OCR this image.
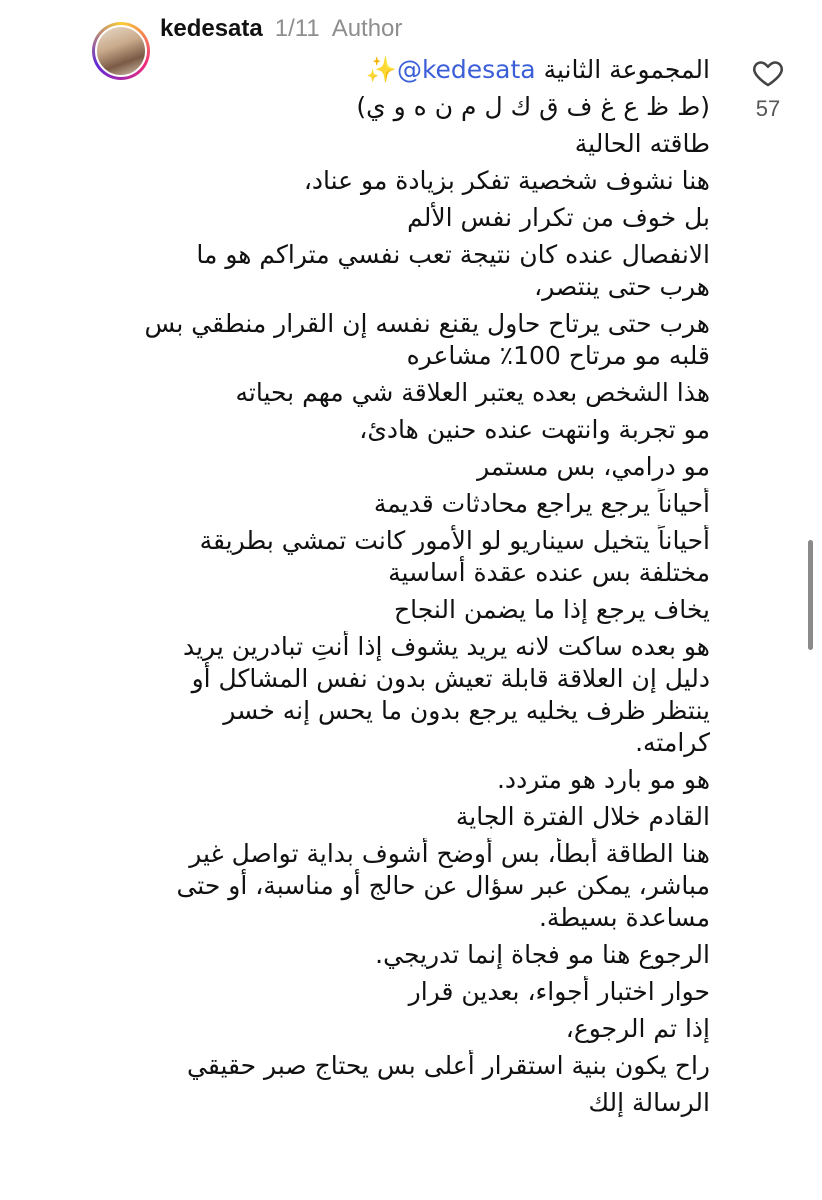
kedesata 1/11 Author
المجموعة الثانية @kedesata✨
(ط ظ ع غ ف ق ك ل م ن ه و ي)
طاقته الحالية
هنا نشوف شخصية تفكر بزيادة مو عناد،
بل خوف من تكرار نفس الألم
الانفصال عنده كان نتيجة تعب نفسي متراكم هو ما
هرب حتى ينتصر،
هرب حتى يرتاح حاول يقنع نفسه إن القرار منطقي بس
قلبه مو مرتاح 100٪ مشاعره
هذا الشخص بعده يعتبر العلاقة شي مهم بحياته
مو تجربة وانتهت عنده حنين هادئ،
مو درامي، بس مستمر
أحياناً يرجع يراجع محادثات قديمة
أحياناً يتخيل سيناريو لو الأمور كانت تمشي بطريقة
مختلفة بس عنده عقدة أساسية
يخاف يرجع إذا ما يضمن النجاح
هو بعده ساكت لانه يريد يشوف إذا أنتِ تبادرين يريد
دليل إن العلاقة قابلة تعيش بدون نفس المشاكل أو
ينتظر ظرف يخليه يرجع بدون ما يحس إنه خسر
كرامته.
هو مو بارد هو متردد.
القادم خلال الفترة الجاية
هنا الطاقة أبطأ، بس أوضح أشوف بداية تواصل غير
مباشر، يمكن عبر سؤال عن حالج أو مناسبة، أو حتى
مساعدة بسيطة.
الرجوع هنا مو فجاة إنما تدريجي.
حوار اختبار أجواء، بعدين قرار
إذا تم الرجوع،
راح يكون بنية استقرار أعلى بس يحتاج صبر حقيقي
الرسالة إلك
57
